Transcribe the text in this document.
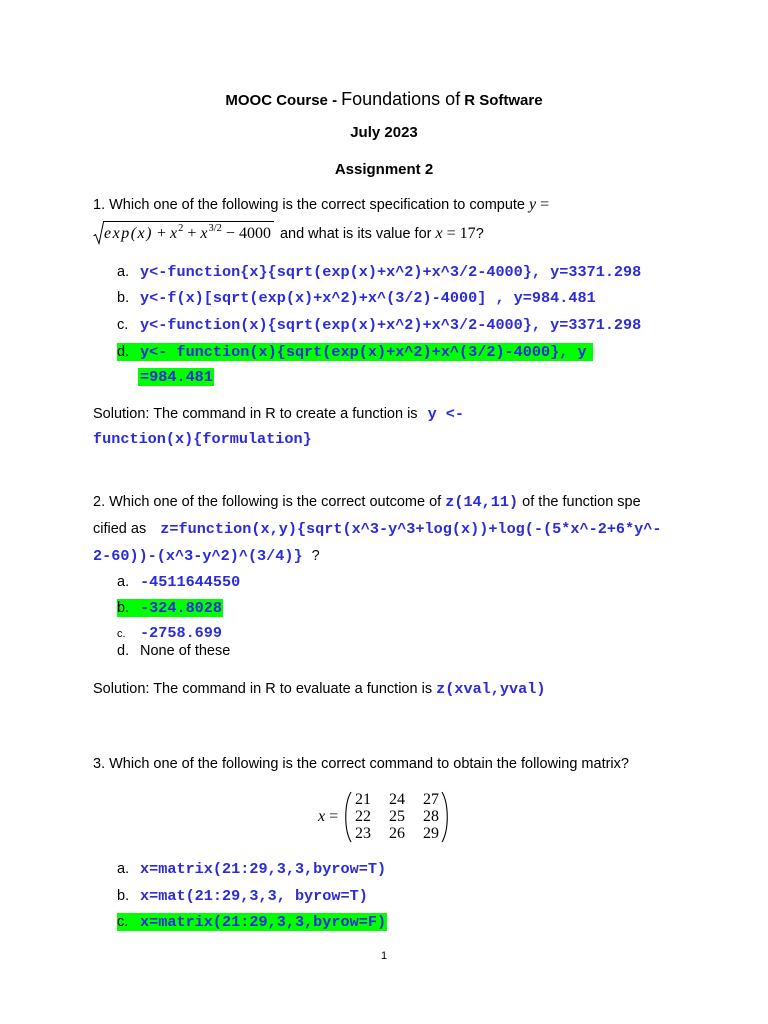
MOOC Course - Foundations of R Software
July 2023
Assignment 2
1. Which one of the following is the correct specification to compute y =
$\exp(x) + x^2 + x^{3/2} - 4000$ and what is its value for x = 17?
a. y<-function{x}{sqrt(exp(x)+x^2)+x^3/2-4000}, y=3371.298
b. y<-f(x)[sqrt(exp(x)+x^2)+x^(3/2)-4000] , y=984.481
c. y<-function(x){sqrt(exp(x)+x^2)+x^3/2-4000}, y=3371.298
d. y<- function(x){sqrt(exp(x)+x^2)+x^(3/2)-4000}, y
=984.481
Solution: The command in R to create a function is y <-
function(x){formulation}
2. Which one of the following is the correct outcome of z(14,11) of the function spe
cified as z=function(x,y){sqrt(x^3-y^3+log(x))+log(-(5*x^-2+6*y^-
2-60))-(x^3-y^2)^(3/4)} ?
a. -4511644550
b. -324.8028
c. -2758.699
d. None of these
Solution: The command in R to evaluate a function is z(xval,yval)
3. Which one of the following is the correct command to obtain the following matrix?
x =
21 24 27
22 25 28
23 26 29
a. x=matrix(21:29,3,3,byrow=T)
b. x=mat(21:29,3,3, byrow=T)
c. x=matrix(21:29,3,3,byrow=F)
1
